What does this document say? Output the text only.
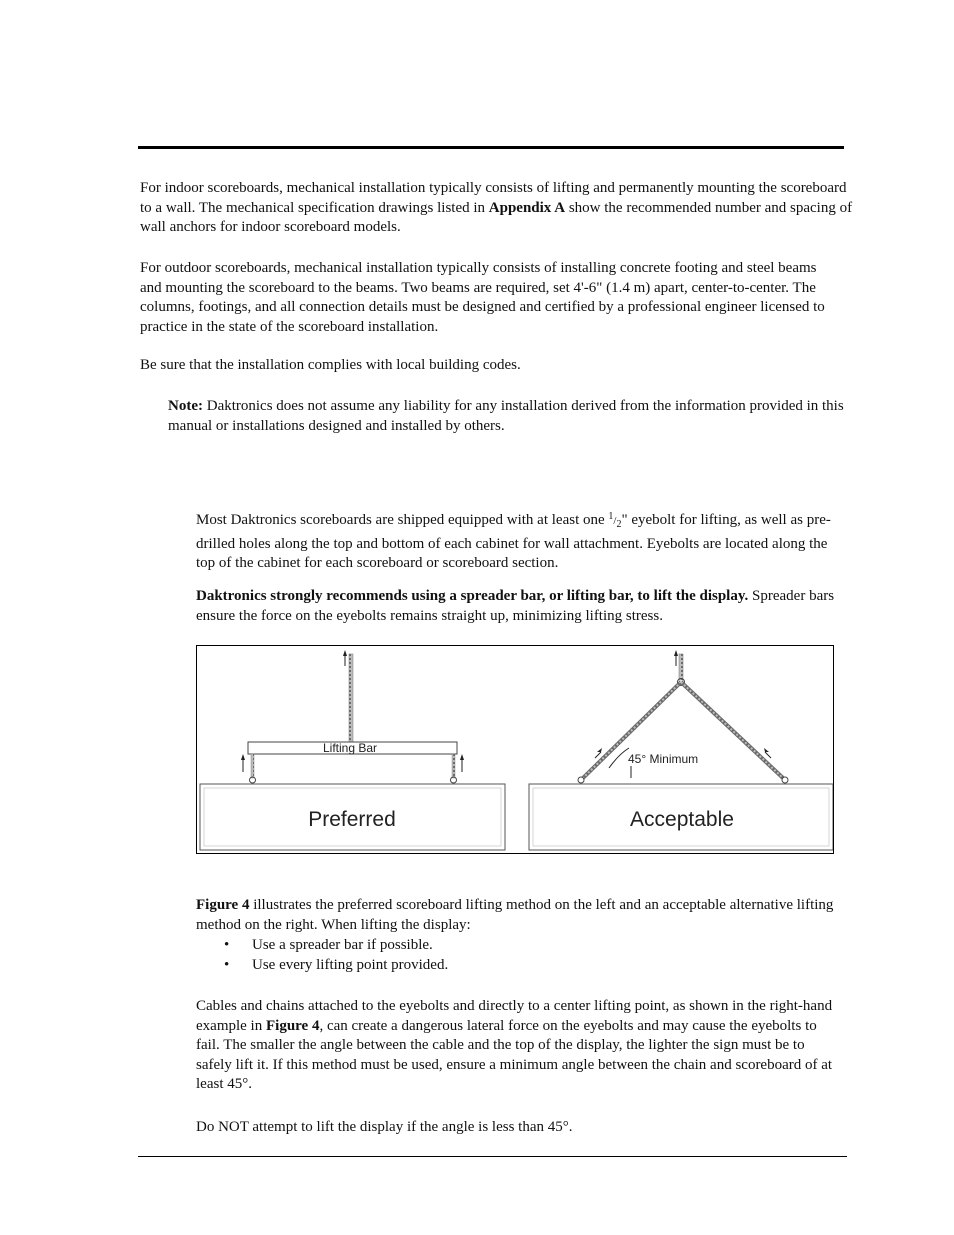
For indoor scoreboards, mechanical installation typically consists of lifting and permanently mounting the scoreboard to a wall. The mechanical specification drawings listed in Appendix A show the recommended number and spacing of wall anchors for indoor scoreboard models.

For outdoor scoreboards, mechanical installation typically consists of installing concrete footing and steel beams and mounting the scoreboard to the beams. Two beams are required, set 4'-6" (1.4 m) apart, center-to-center. The columns, footings, and all connection details must be designed and certified by a professional engineer licensed to practice in the state of the scoreboard installation.

Be sure that the installation complies with local building codes.

Note: Daktronics does not assume any liability for any installation derived from the information provided in this manual or installations designed and installed by others.

Most Daktronics scoreboards are shipped equipped with at least one $^1/_2$" eyebolt for lifting, as well as pre-drilled holes along the top and bottom of each cabinet for wall attachment. Eyebolts are located along the top of the cabinet for each scoreboard or scoreboard section.

Daktronics strongly recommends using a spreader bar, or lifting bar, to lift the display. Spreader bars ensure the force on the eyebolts remains straight up, minimizing lifting stress.

Lifting Bar
Preferred
45° Minimum
Acceptable

Figure 4 illustrates the preferred scoreboard lifting method on the left and an acceptable alternative lifting method on the right. When lifting the display:

• Use a spreader bar if possible.
• Use every lifting point provided.

Cables and chains attached to the eyebolts and directly to a center lifting point, as shown in the right-hand example in Figure 4, can create a dangerous lateral force on the eyebolts and may cause the eyebolts to fail. The smaller the angle between the cable and the top of the display, the lighter the sign must be to safely lift it. If this method must be used, ensure a minimum angle between the chain and scoreboard of at least 45°.

Do NOT attempt to lift the display if the angle is less than 45°.
